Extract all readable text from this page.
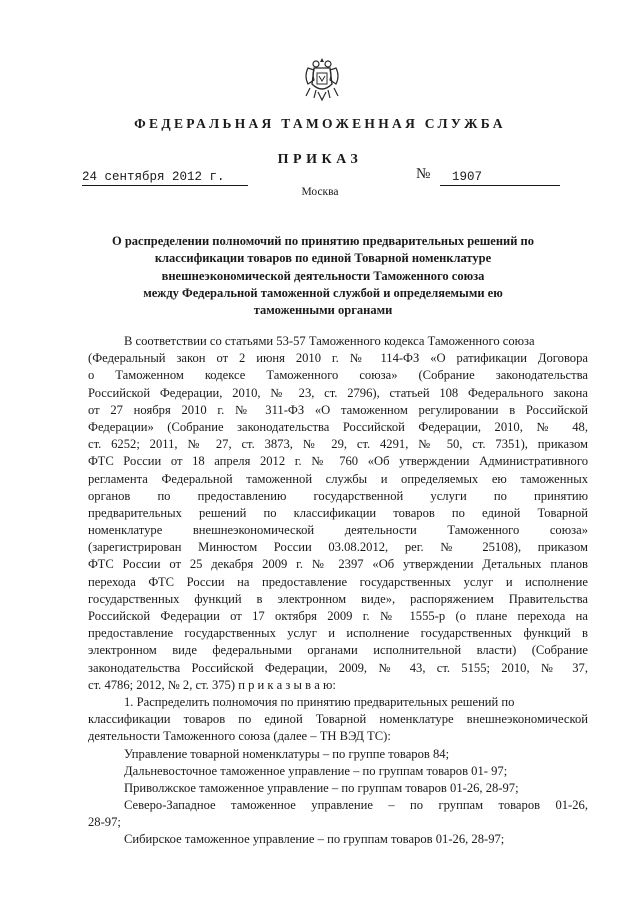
ФЕДЕРАЛЬНАЯ ТАМОЖЕННАЯ СЛУЖБА
ПРИКАЗ
24 сентября 2012 г.	№	1907
Москва
О распределении полномочий по принятию предварительных решений по
классификации товаров по единой Товарной номенклатуре
внешнеэкономической деятельности Таможенного союза
между Федеральной таможенной службой и определяемыми ею
таможенными органами
В соответствии со статьями 53-57 Таможенного кодекса Таможенного союза
(Федеральный закон от 2 июня 2010 г. № 114-ФЗ «О ратификации Договора
о Таможенном кодексе Таможенного союза» (Собрание законодательства
Российской Федерации, 2010, № 23, ст. 2796), статьей 108 Федерального закона
от 27 ноября 2010 г. № 311-ФЗ «О таможенном регулировании в Российской
Федерации» (Собрание законодательства Российской Федерации, 2010, № 48,
ст. 6252; 2011, № 27, ст. 3873, № 29, ст. 4291, № 50, ст. 7351), приказом
ФТС России от 18 апреля 2012 г. № 760 «Об утверждении Административного
регламента Федеральной таможенной службы и определяемых ею таможенных
органов по предоставлению государственной услуги по принятию
предварительных решений по классификации товаров по единой Товарной
номенклатуре внешнеэкономической деятельности Таможенного союза»
(зарегистрирован Минюстом России 03.08.2012, рег. № 25108), приказом
ФТС России от 25 декабря 2009 г. № 2397 «Об утверждении Детальных планов
перехода ФТС России на предоставление государственных услуг и исполнение
государственных функций в электронном виде», распоряжением Правительства
Российской Федерации от 17 октября 2009 г. № 1555-р (о плане перехода на
предоставление государственных услуг и исполнение государственных функций в
электронном виде федеральными органами исполнительной власти) (Собрание
законодательства Российской Федерации, 2009, № 43, ст. 5155; 2010, № 37,
ст. 4786; 2012, № 2, ст. 375) п р и к а з ы в а ю:
1. Распределить полномочия по принятию предварительных решений по
классификации товаров по единой Товарной номенклатуре внешнеэкономической
деятельности Таможенного союза (далее – ТН ВЭД ТС):
Управление товарной номенклатуры – по группе товаров 84;
Дальневосточное таможенное управление – по группам товаров 01- 97;
Приволжское таможенное управление – по группам товаров 01-26, 28-97;
Северо-Западное таможенное управление – по группам товаров 01-26,
28-97;
Сибирское таможенное управление – по группам товаров 01-26, 28-97;
